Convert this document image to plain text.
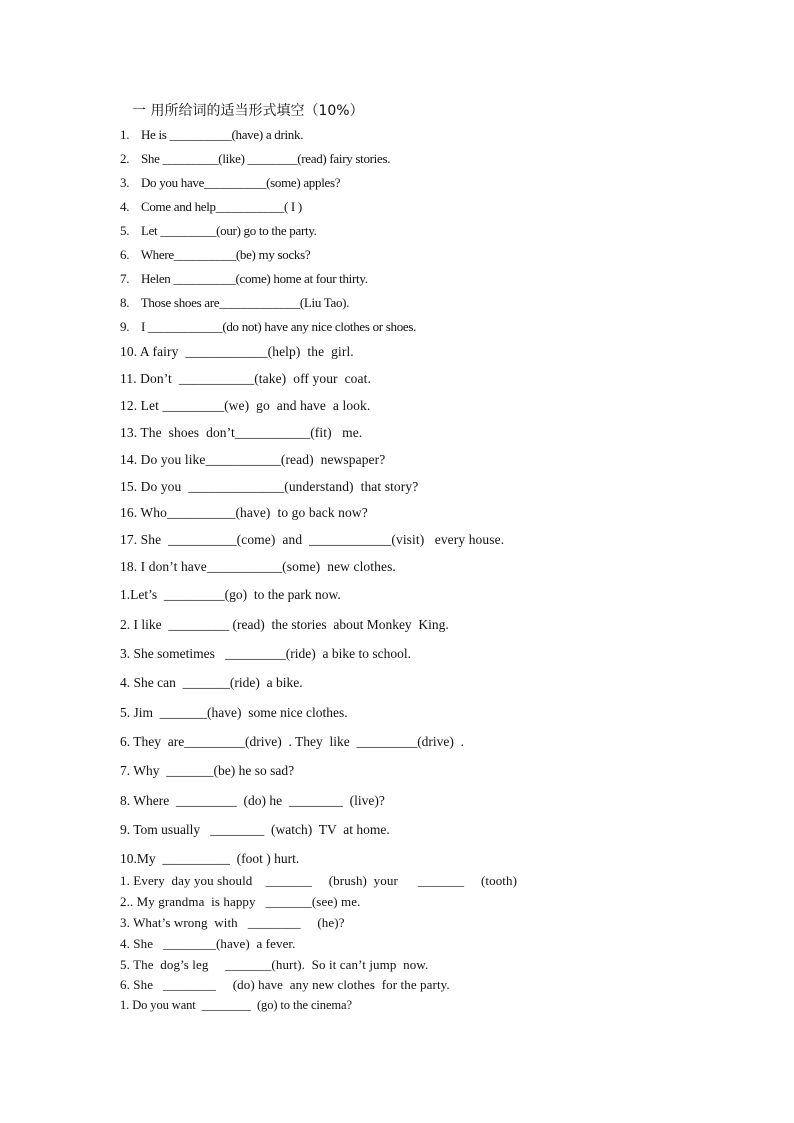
一 用所给词的适当形式填空（10%）
1.    He is __________(have) a drink.
2.    She _________(like) ________(read) fairy stories.
3.    Do you have__________(some) apples?
4.    Come and help___________( I )
5.    Let _________(our) go to the party.
6.    Where__________(be) my socks?
7.    Helen __________(come) home at four thirty.
8.    Those shoes are_____________(Liu Tao).
9.    I ____________(do not) have any nice clothes or shoes.
10. A fairy  ____________(help)  the  girl.
11. Don’t  ___________(take)  off your  coat.
12. Let _________(we)  go  and have  a look.
13. The  shoes  don’t___________(fit)   me.
14. Do you like___________(read)  newspaper?
15. Do you  ______________(understand)  that story?
16. Who__________(have)  to go back now?
17. She  __________(come)  and  ____________(visit)   every house.
18. I don’t have___________(some)  new clothes.
1.Let’s  _________(go)  to the park now.
2. I like  _________ (read)  the stories  about Monkey  King.
3. She sometimes   _________(ride)  a bike to school.
4. She can  _______(ride)  a bike.
5. Jim  _______(have)  some nice clothes.
6. They  are_________(drive)  . They  like  _________(drive)  .
7. Why  _______(be) he so sad?
8. Where  _________  (do) he  ________  (live)?
9. Tom usually   ________  (watch)  TV  at home.
10.My  __________  (foot ) hurt.
1. Every  day you should    _______     (brush)  your      _______     (tooth)
2.. My grandma  is happy   _______(see) me.
3. What’s wrong  with   ________     (he)?
4. She   ________(have)  a fever.
5. The  dog’s leg     _______(hurt).  So it can’t jump  now.
6. She   ________     (do) have  any new clothes  for the party.
1. Do you want  ________  (go) to the cinema?
